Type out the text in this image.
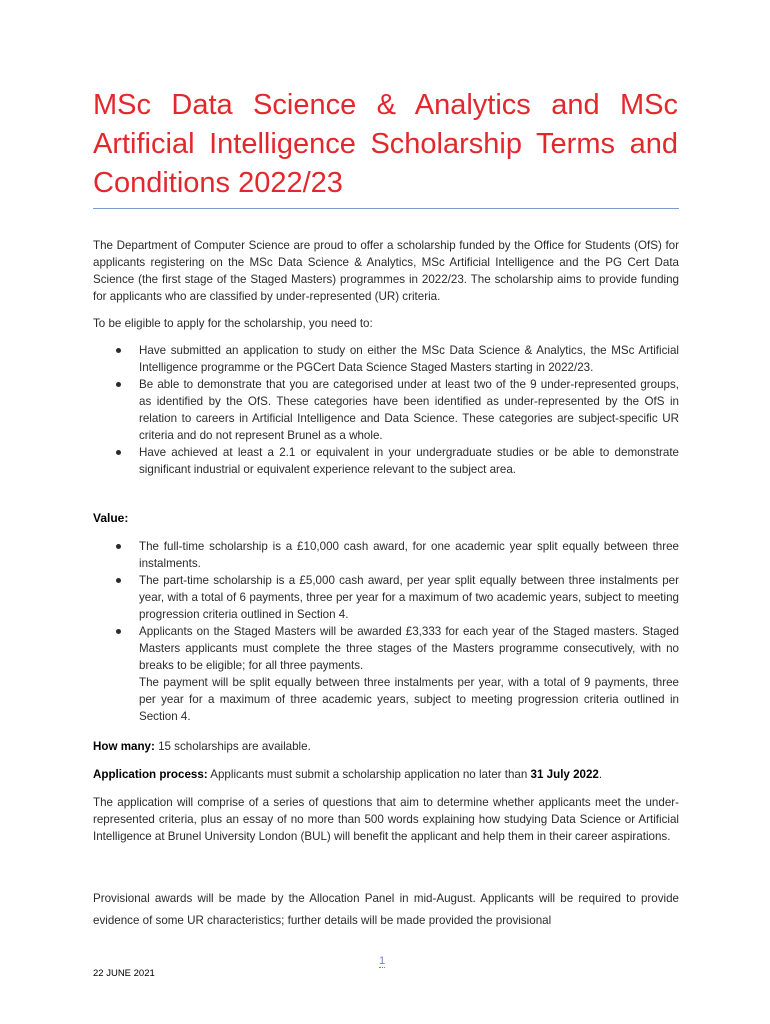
MSc Data Science & Analytics and MSc Artificial Intelligence Scholarship Terms and Conditions 2022/23

The Department of Computer Science are proud to offer a scholarship funded by the Office for Students (OfS) for applicants registering on the MSc Data Science & Analytics, MSc Artificial Intelligence and the PG Cert Data Science (the first stage of the Staged Masters) programmes in 2022/23. The scholarship aims to provide funding for applicants who are classified by under-represented (UR) criteria.

To be eligible to apply for the scholarship, you need to:

Have submitted an application to study on either the MSc Data Science & Analytics, the MSc Artificial Intelligence programme or the PGCert Data Science Staged Masters starting in 2022/23.
Be able to demonstrate that you are categorised under at least two of the 9 under-represented groups, as identified by the OfS. These categories have been identified as under-represented by the OfS in relation to careers in Artificial Intelligence and Data Science. These categories are subject-specific UR criteria and do not represent Brunel as a whole.
Have achieved at least a 2.1 or equivalent in your undergraduate studies or be able to demonstrate significant industrial or equivalent experience relevant to the subject area.
Value:
The full-time scholarship is a £10,000 cash award, for one academic year split equally between three instalments.
The part-time scholarship is a £5,000 cash award, per year split equally between three instalments per year, with a total of 6 payments, three per year for a maximum of two academic years, subject to meeting progression criteria outlined in Section 4.
Applicants on the Staged Masters will be awarded £3,333 for each year of the Staged masters. Staged Masters applicants must complete the three stages of the Masters programme consecutively, with no breaks to be eligible; for all three payments.
The payment will be split equally between three instalments per year, with a total of 9 payments, three per year for a maximum of three academic years, subject to meeting progression criteria outlined in Section 4.

How many: 15 scholarships are available.

Application process: Applicants must submit a scholarship application no later than 31 July 2022.

The application will comprise of a series of questions that aim to determine whether applicants meet the under-represented criteria, plus an essay of no more than 500 words explaining how studying Data Science or Artificial Intelligence at Brunel University London (BUL) will benefit the applicant and help them in their career aspirations.

Provisional awards will be made by the Allocation Panel in mid-August. Applicants will be required to provide evidence of some UR characteristics; further details will be made provided the provisional

1
22 JUNE 2021
